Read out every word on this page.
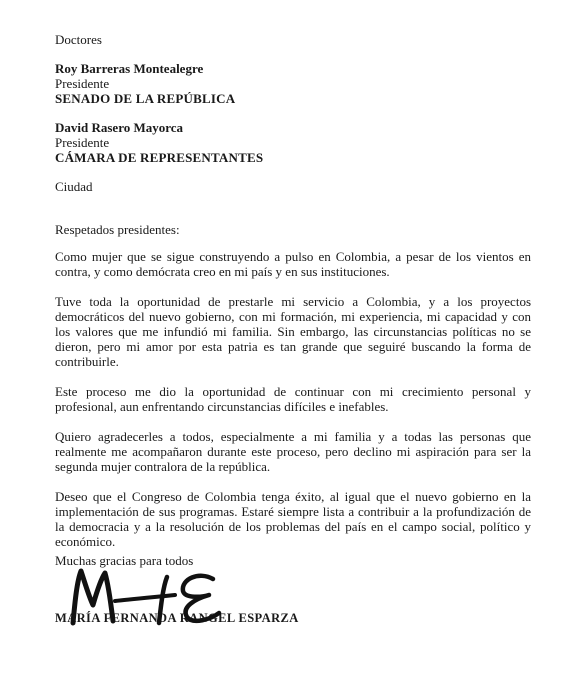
Doctores
Roy Barreras Montealegre
Presidente
SENADO DE LA REPÚBLICA
David Rasero Mayorca
Presidente
CÁMARA DE REPRESENTANTES
Ciudad
Respetados presidentes:

Como mujer que se sigue construyendo a pulso en Colombia, a pesar de los vientos en contra, y como demócrata creo en mi país y en sus instituciones.

Tuve toda la oportunidad de prestarle mi servicio a Colombia, y a los proyectos democráticos del nuevo gobierno, con mi formación, mi experiencia, mi capacidad y con los valores que me infundió mi familia. Sin embargo, las circunstancias políticas no se dieron, pero mi amor por esta patria es tan grande que seguiré buscando la forma de contribuirle.

Este proceso me dio la oportunidad de continuar con mi crecimiento personal y profesional, aun enfrentando circunstancias difíciles e inefables.

Quiero agradecerles a todos, especialmente a mi familia y a todas las personas que realmente me acompañaron durante este proceso, pero declino mi aspiración para ser la segunda mujer contralora de la república.

Deseo que el Congreso de Colombia tenga éxito, al igual que el nuevo gobierno en la implementación de sus programas. Estaré siempre lista a contribuir a la profundización de la democracia y a la resolución de los problemas del país en el campo social, político y económico.

Muchas gracias para todos
MARÍA FERNANDA RANGEL ESPARZA
